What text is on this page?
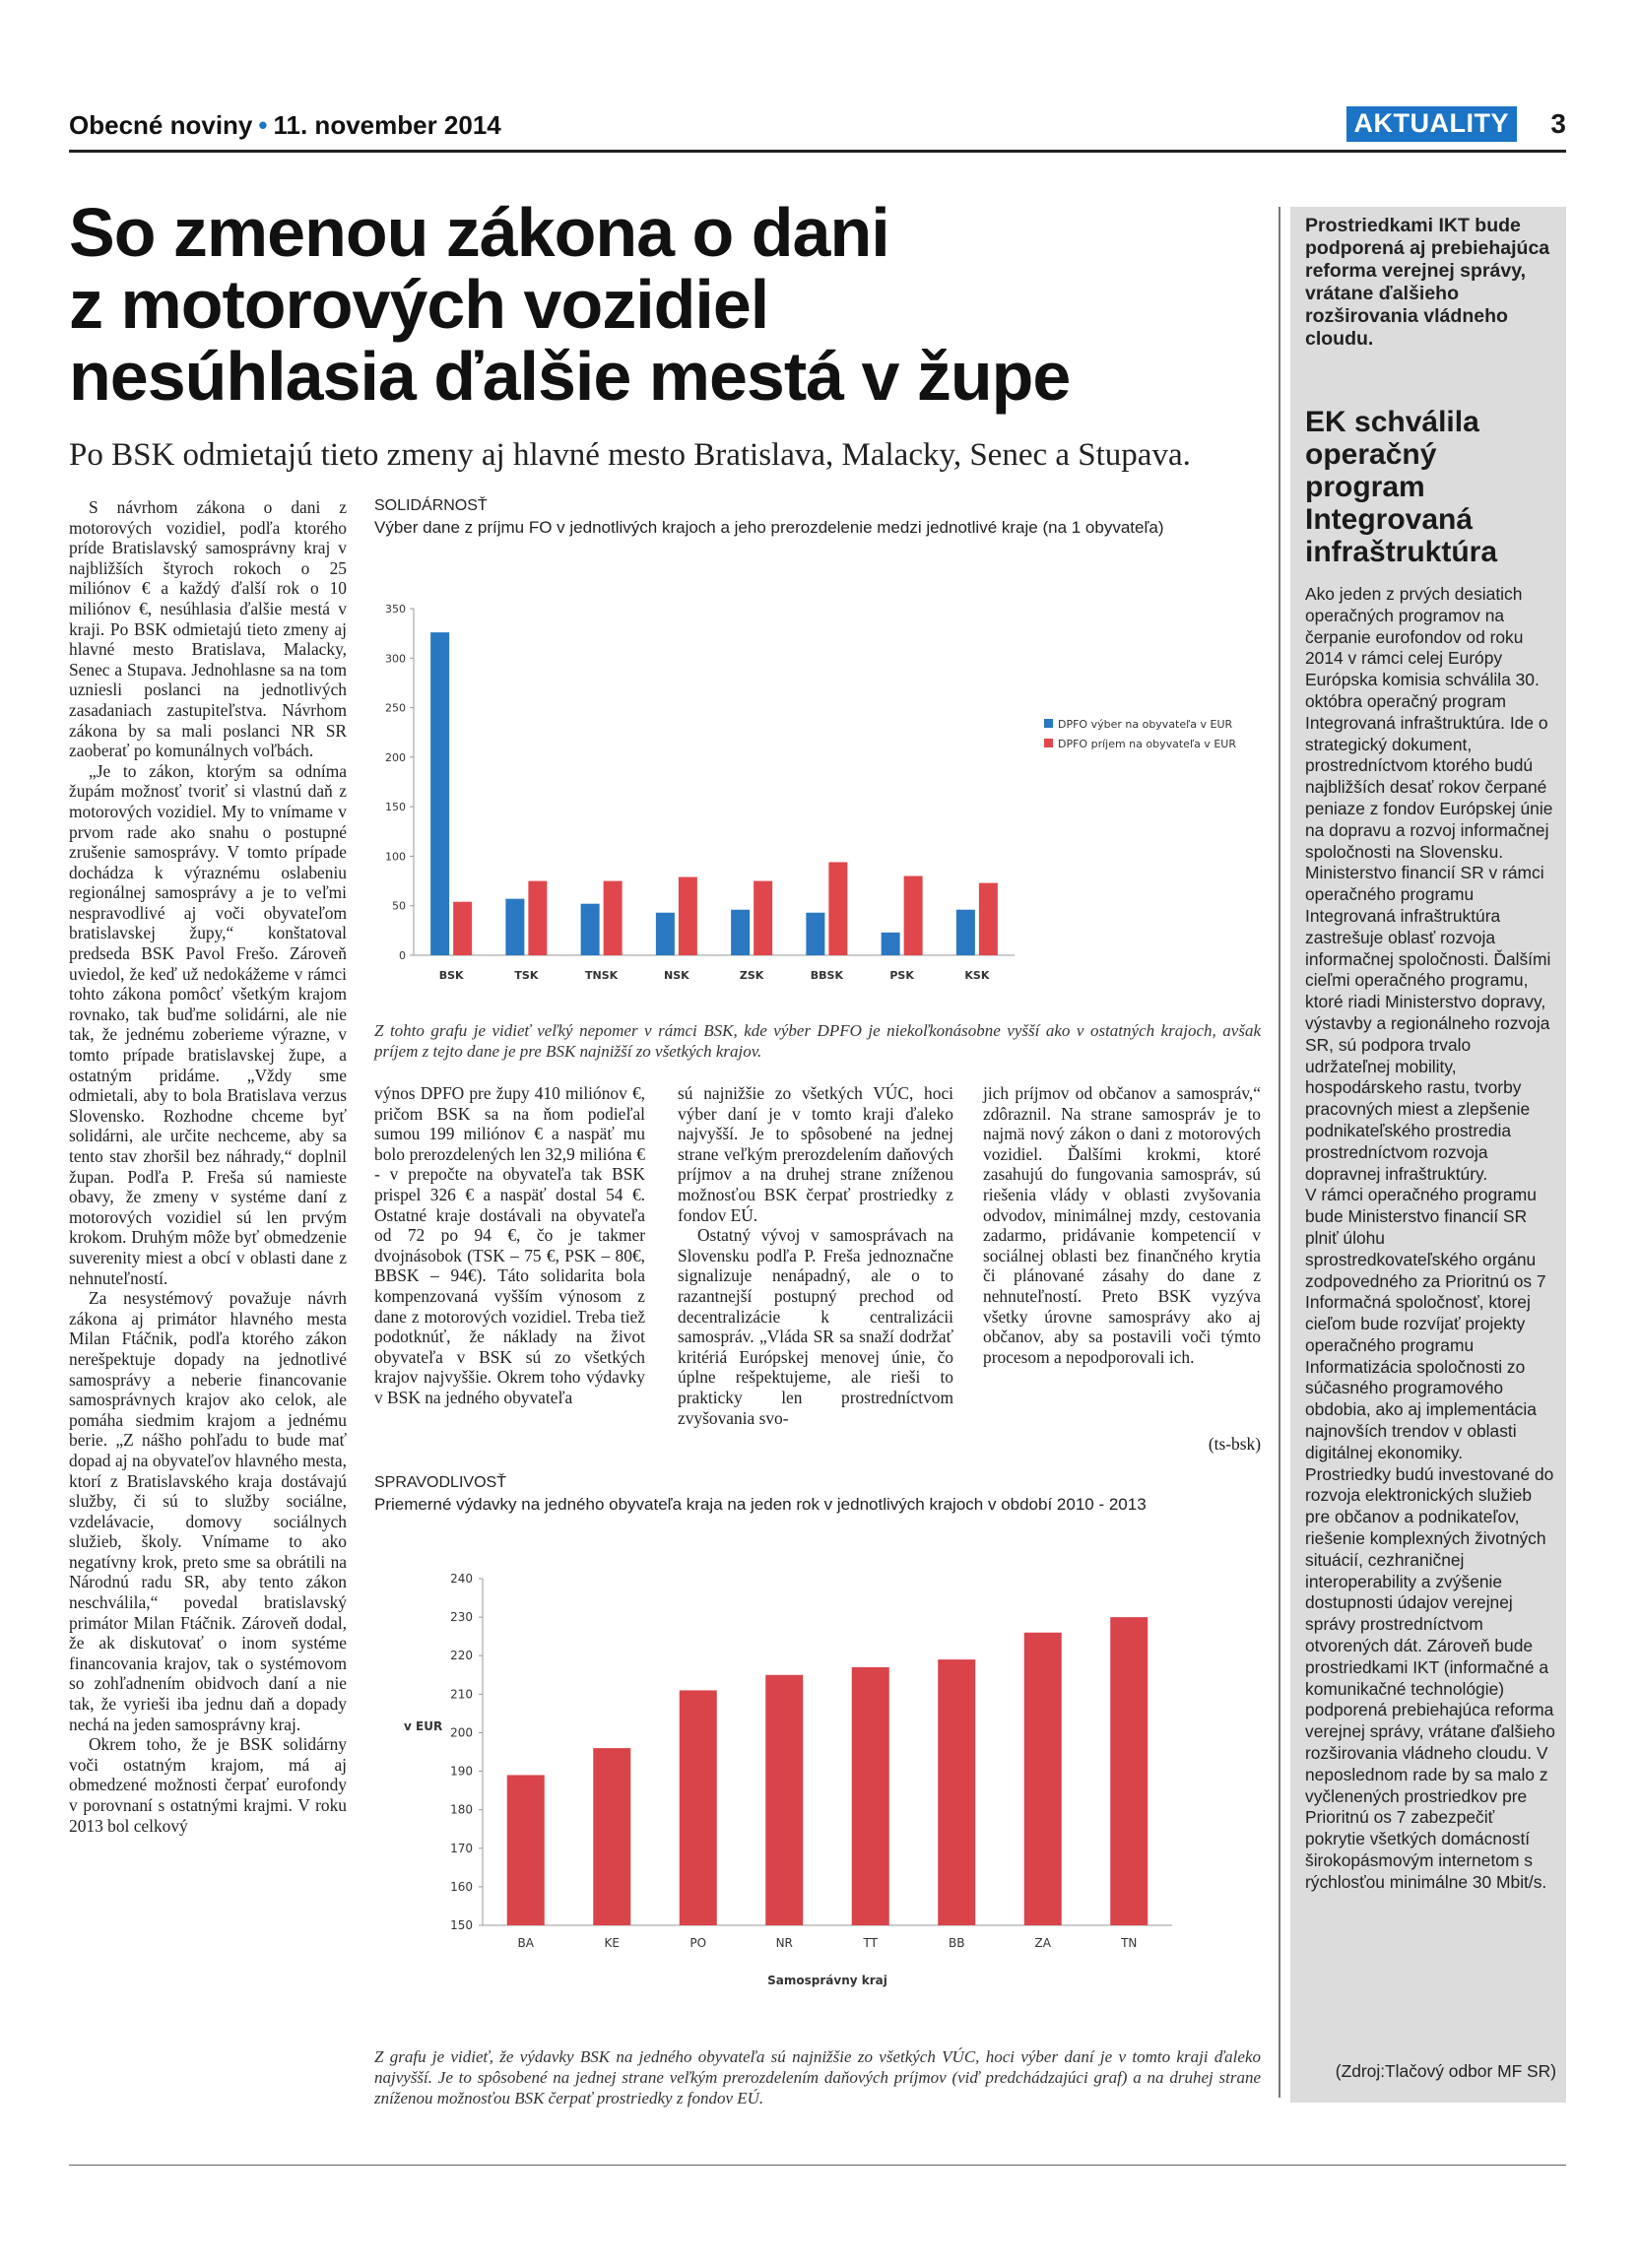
Obecné noviny • 11. november 2014	AKTUALITY 3
So zmenou zákona o dani
z motorových vozidiel
nesúhlasia ďalšie mestá v župe
Po BSK odmietajú tieto zmeny aj hlavné mesto Bratislava, Malacky, Senec a Stupava.

S návrhom zákona o dani z motorových vozidiel, podľa ktorého príde Bratislavský samosprávny kraj v najbližších štyroch rokoch o 25 miliónov € a každý ďalší rok o 10 miliónov €, nesúhlasia ďalšie mestá v kraji. Po BSK odmietajú tieto zmeny aj hlavné mesto Bratislava, Malacky, Senec a Stupava. Jednohlasne sa na tom uzniesli poslanci na jednotlivých zasadaniach zastupiteľstva. Návrhom zákona by sa mali poslanci NR SR zaoberať po komunálnych voľbách.

„Je to zákon, ktorým sa odníma župám možnosť tvoriť si vlastnú daň z motorových vozidiel. My to vnímame v prvom rade ako snahu o postupné zrušenie samosprávy. V tomto prípade dochádza k výraznému oslabeniu regionálnej samosprávy a je to veľmi nespravodlivé aj voči obyvateľom bratislavskej župy,“ konštatoval predseda BSK Pavol Frešo. Zároveň uviedol, že keď už nedokážeme v rámci tohto zákona pomôcť všetkým krajom rovnako, tak buďme solidárni, ale nie tak, že jednému zoberieme výrazne, v tomto prípade bratislavskej župe, a ostatným pridáme. „Vždy sme odmietali, aby to bola Bratislava verzus Slovensko. Rozhodne chceme byť solidárni, ale určite nechceme, aby sa tento stav zhoršil bez náhrady,“ doplnil župan. Podľa P. Freša sú namieste obavy, že zmeny v systéme daní z motorových vozidiel sú len prvým krokom. Druhým môže byť obmedzenie suverenity miest a obcí v oblasti dane z nehnuteľností.

Za nesystémový považuje návrh zákona aj primátor hlavného mesta Milan Ftáčnik, podľa ktorého zákon nerešpektuje dopady na jednotlivé samosprávy a neberie financovanie samosprávnych krajov ako celok, ale pomáha siedmim krajom a jednému berie. „Z nášho pohľadu to bude mať dopad aj na obyvateľov hlavného mesta, ktorí z Bratislavského kraja dostávajú služby, či sú to služby sociálne, vzdelávacie, domovy sociálnych služieb, školy. Vnímame to ako negatívny krok, preto sme sa obrátili na Národnú radu SR, aby tento zákon neschválila,“ povedal bratislavský primátor Milan Ftáčnik. Zároveň dodal, že ak diskutovať o inom systéme financovania krajov, tak o systémovom so zohľadnením obidvoch daní a nie tak, že vyrieši iba jednu daň a dopady nechá na jeden samosprávny kraj.

Okrem toho, že je BSK solidárny voči ostatným krajom, má aj obmedzené možnosti čerpať eurofondy v porovnaní s ostatnými krajmi. V roku 2013 bol celkový

výnos DPFO pre župy 410 miliónov €, pričom BSK sa na ňom podieľal sumou 199 miliónov € a naspäť mu bolo prerozdelených len 32,9 milióna € - v prepočte na obyvateľa tak BSK prispel 326 € a naspäť dostal 54 €. Ostatné kraje dostávali na obyvateľa od 72 po 94 €, čo je takmer dvojnásobok (TSK – 75 €, PSK – 80€, BBSK – 94€). Táto solidarita bola kompenzovaná vyšším výnosom z dane z motorových vozidiel. Treba tiež podotknúť, že náklady na život obyvateľa v BSK sú zo všetkých krajov najvyššie. Okrem toho výdavky v BSK na jedného obyvateľa

sú najnižšie zo všetkých VÚC, hoci výber daní je v tomto kraji ďaleko najvyšší. Je to spôsobené na jednej strane veľkým prerozdelením daňových príjmov a na druhej strane zníženou možnosťou BSK čerpať prostriedky z fondov EÚ.

Ostatný vývoj v samosprávach na Slovensku podľa P. Freša jednoznačne signalizuje nenápadný, ale o to razantnejší postupný prechod od decentralizácie k centralizácii samospráv. „Vláda SR sa snaží dodržať kritériá Európskej menovej únie, čo úplne rešpektujeme, ale rieši to prakticky len prostredníctvom zvyšovania svo-

jich príjmov od občanov a samospráv,“ zdôraznil. Na strane samospráv je to najmä nový zákon o dani z motorových vozidiel. Ďalšími krokmi, ktoré zasahujú do fungovania samospráv, sú riešenia vlády v oblasti zvyšovania odvodov, minimálnej mzdy, cestovania zadarmo, pridávanie kompetencií v sociálnej oblasti bez finančného krytia či plánované zásahy do dane z nehnuteľností. Preto BSK vyzýva všetky úrovne samosprávy ako aj občanov, aby sa postavili voči týmto procesom a nepodporovali ich.

(ts-bsk)
SOLIDÁRNOSŤ
Výber dane z príjmu FO v jednotlivých krajoch a jeho prerozdelenie medzi jednotlivé kraje (na 1 obyvateľa)
0
50
100
150
200
250
300
350
BSK	TSK	TNSK	NSK	ZSK	BBSK	PSK	KSK
DPFO výber na obyvateľa v EUR
DPFO príjem na obyvateľa v EUR
Z tohto grafu je vidieť veľký nepomer v rámci BSK, kde výber DPFO je niekoľkonásobne vyšší ako v ostatných krajoch, avšak príjem z tejto dane je pre BSK najnižší zo všetkých krajov.
SPRAVODLIVOSŤ
Priemerné výdavky na jedného obyvateľa kraja na jeden rok v jednotlivých krajoch v období 2010 - 2013
150
160
170
180
190
200
210
220
230
240
v EUR
BA	KE	PO	NR	TT	BB	ZA	TN
Samosprávny kraj
Z grafu je vidieť, že výdavky BSK na jedného obyvateľa sú najnižšie zo všetkých VÚC, hoci výber daní je v tomto kraji ďaleko najvyšší. Je to spôsobené na jednej strane veľkým prerozdelením daňových príjmov (viď predchádzajúci graf) a na druhej strane zníženou možnosťou BSK čerpať prostriedky z fondov EÚ.
Prostriedkami IKT bude podporená aj prebiehajúca reforma verejnej správy, vrátane ďalšieho rozširovania vládneho cloudu.
EK schválila operačný program Integrovaná infraštruktúra

Ako jeden z prvých desiatich operačných programov na čerpanie eurofondov od roku 2014 v rámci celej Európy Európska komisia schválila 30. októbra operačný program Integrovaná infraštruktúra. Ide o strategický dokument, prostredníctvom ktorého budú najbližších desať rokov čerpané peniaze z fondov Európskej únie na dopravu a rozvoj informačnej spoločnosti na Slovensku.

Ministerstvo financií SR v rámci operačného programu Integrovaná infraštruktúra zastrešuje oblasť rozvoja informačnej spoločnosti. Ďalšími cieľmi operačného programu, ktoré riadi Ministerstvo dopravy, výstavby a regionálneho rozvoja SR, sú podpora trvalo udržateľnej mobility, hospodárskeho rastu, tvorby pracovných miest a zlepšenie podnikateľského prostredia prostredníctvom rozvoja dopravnej infraštruktúry.

V rámci operačného programu bude Ministerstvo financií SR plniť úlohu sprostredkovateľského orgánu zodpovedného za Prioritnú os 7 Informačná spoločnosť, ktorej cieľom bude rozvíjať projekty operačného programu Informatizácia spoločnosti zo súčasného programového obdobia, ako aj implementácia najnovších trendov v oblasti digitálnej ekonomiky.

Prostriedky budú investované do rozvoja elektronických služieb pre občanov a podnikateľov, riešenie komplexných životných situácií, cezhraničnej interoperability a zvýšenie dostupnosti údajov verejnej správy prostredníctvom otvorených dát. Zároveň bude prostriedkami IKT (informačné a komunikačné technológie) podporená prebiehajúca reforma verejnej správy, vrátane ďalšieho rozširovania vládneho cloudu. V neposlednom rade by sa malo z vyčlenených prostriedkov pre Prioritnú os 7 zabezpečiť pokrytie všetkých domácností širokopásmovým internetom s rýchlosťou minimálne 30 Mbit/s.

(Zdroj:Tlačový odbor MF SR)
